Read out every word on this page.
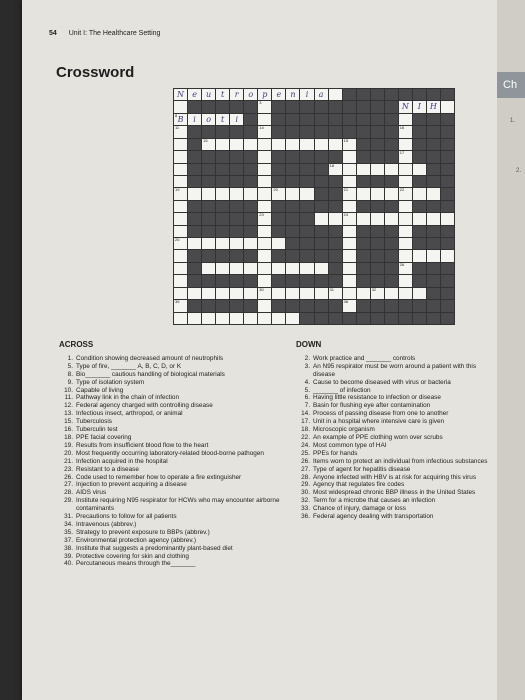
54 Unit I: The Healthcare Setting
Crossword
N	e	u	t	r	o	p	e	n	i	a
3	N	I	H
8 B	i	o	t	i
11	14	16
15	15
17
18
19	20	21	22
23	24
25
26
30	31	32
35	36
ACROSS
1. Condition showing decreased amount of neutrophils
5. Type of fire, _______ A, B, C, D, or K
8. Bio_______ cautious handling of biological materials
9. Type of isolation system
10. Capable of living
11. Pathway link in the chain of infection
12. Federal agency charged with controlling disease
13. Infectious insect, arthropod, or animal
15. Tuberculosis
16. Tuberculin test
18. PPE facial covering
19. Results from insufficient blood flow to the heart
20. Most frequently occurring laboratory-related blood-borne pathogen
21. Infection acquired in the hospital
23. Resistant to a disease
26. Code used to remember how to operate a fire extinguisher
27. Injection to prevent acquiring a disease
28. AIDS virus
29. Institute requiring N95 respirator for HCWs who may encounter airborne contaminants
31. Precautions to follow for all patients
34. Intravenous (abbrev.)
35. Strategy to prevent exposure to BBPs (abbrev.)
37. Environmental protection agency (abbrev.)
38. Institute that suggests a predominantly plant-based diet
39. Protective covering for skin and clothing
40. Percutaneous means through the_______
DOWN
2. Work practice and _______ controls
3. An N95 respirator must be worn around a patient with this disease
4. Cause to become diseased with virus or bacteria
5. _______ of infection
6. Having little resistance to infection or disease
7. Basin for flushing eye after contamination
14. Process of passing disease from one to another
17. Unit in a hospital where intensive care is given
18. Microscopic organism
22. An example of PPE clothing worn over scrubs
24. Most common type of HAI
25. PPEs for hands
26. Items worn to protect an individual from infectious substances
27. Type of agent for hepatitis disease
28. Anyone infected with HBV is at risk for acquiring this virus
29. Agency that regulates fire codes
30. Most widespread chronic BBP illness in the United States
32. Term for a microbe that causes an infection
33. Chance of injury, damage or loss
36. Federal agency dealing with transportation
Ch
1.
2.
